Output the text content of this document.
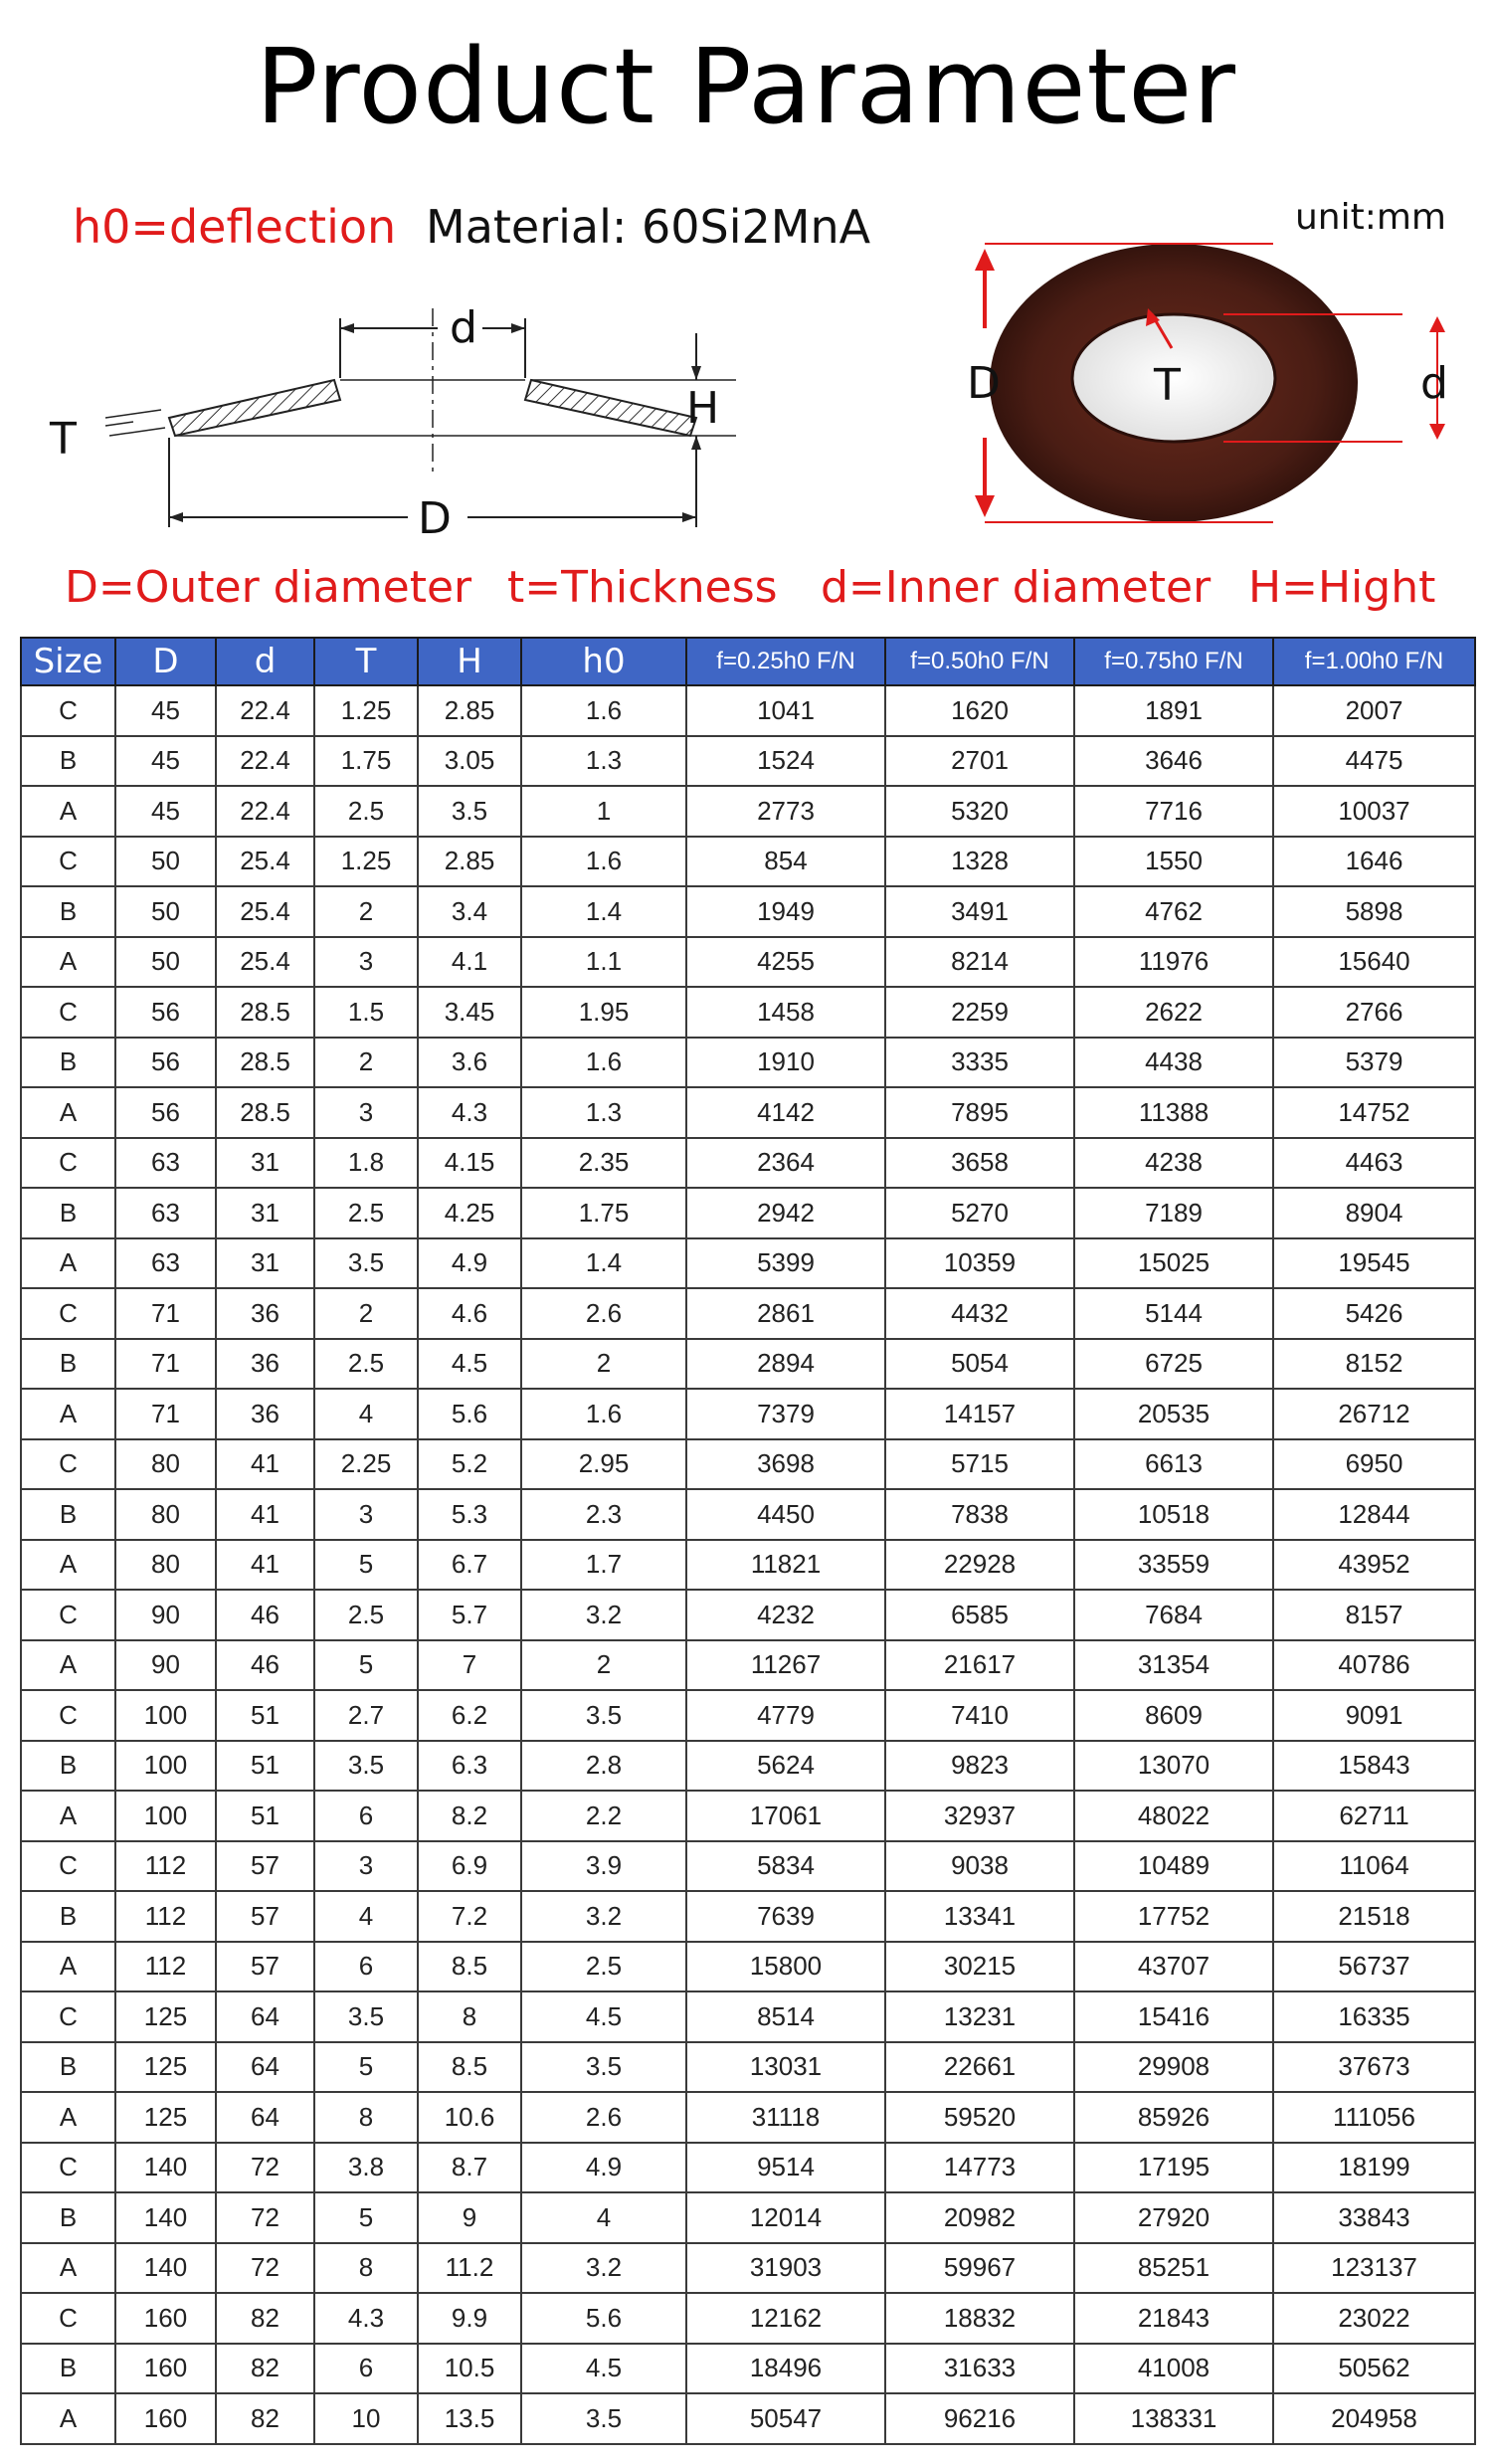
Product Parameter
h0=deflection Material: 60Si2MnA	unit:mm
d
H
T
D
D	d
T
D=Outer diameter t=Thickness d=Inner diameter H=Hight
Size	D	d	T	H	h0	f=0.25h0 F/N	f=0.50h0 F/N	f=0.75h0 F/N	f=1.00h0 F/N
C	45	22.4	1.25	2.85	1.6	1041	1620	1891	2007
B	45	22.4	1.75	3.05	1.3	1524	2701	3646	4475
A	45	22.4	2.5	3.5	1	2773	5320	7716	10037
C	50	25.4	1.25	2.85	1.6	854	1328	1550	1646
B	50	25.4	2	3.4	1.4	1949	3491	4762	5898
A	50	25.4	3	4.1	1.1	4255	8214	11976	15640
C	56	28.5	1.5	3.45	1.95	1458	2259	2622	2766
B	56	28.5	2	3.6	1.6	1910	3335	4438	5379
A	56	28.5	3	4.3	1.3	4142	7895	11388	14752
C	63	31	1.8	4.15	2.35	2364	3658	4238	4463
B	63	31	2.5	4.25	1.75	2942	5270	7189	8904
A	63	31	3.5	4.9	1.4	5399	10359	15025	19545
C	71	36	2	4.6	2.6	2861	4432	5144	5426
B	71	36	2.5	4.5	2	2894	5054	6725	8152
A	71	36	4	5.6	1.6	7379	14157	20535	26712
C	80	41	2.25	5.2	2.95	3698	5715	6613	6950
B	80	41	3	5.3	2.3	4450	7838	10518	12844
A	80	41	5	6.7	1.7	11821	22928	33559	43952
C	90	46	2.5	5.7	3.2	4232	6585	7684	8157
A	90	46	5	7	2	11267	21617	31354	40786
C	100	51	2.7	6.2	3.5	4779	7410	8609	9091
B	100	51	3.5	6.3	2.8	5624	9823	13070	15843
A	100	51	6	8.2	2.2	17061	32937	48022	62711
C	112	57	3	6.9	3.9	5834	9038	10489	11064
B	112	57	4	7.2	3.2	7639	13341	17752	21518
A	112	57	6	8.5	2.5	15800	30215	43707	56737
C	125	64	3.5	8	4.5	8514	13231	15416	16335
B	125	64	5	8.5	3.5	13031	22661	29908	37673
A	125	64	8	10.6	2.6	31118	59520	85926	111056
C	140	72	3.8	8.7	4.9	9514	14773	17195	18199
B	140	72	5	9	4	12014	20982	27920	33843
A	140	72	8	11.2	3.2	31903	59967	85251	123137
C	160	82	4.3	9.9	5.6	12162	18832	21843	23022
B	160	82	6	10.5	4.5	18496	31633	41008	50562
A	160	82	10	13.5	3.5	50547	96216	138331	204958
